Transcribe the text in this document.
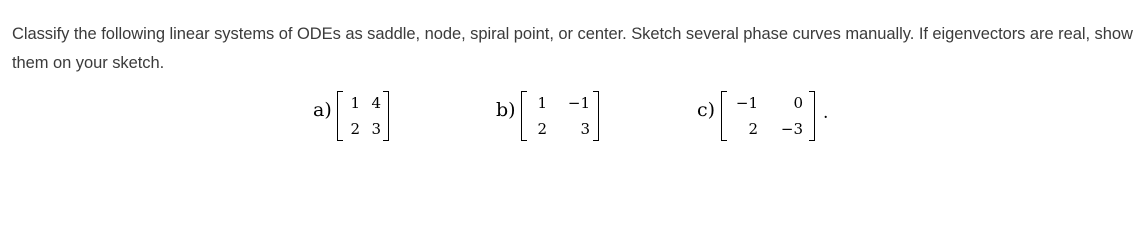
Classify the following linear systems of ODEs as saddle, node, spiral point, or center. Sketch several phase curves manually. If eigenvectors are real, show them on your sketch.

a)	1 4
2 3
b)	1	−1
2	3
c)	−1	0
2	−3
.
